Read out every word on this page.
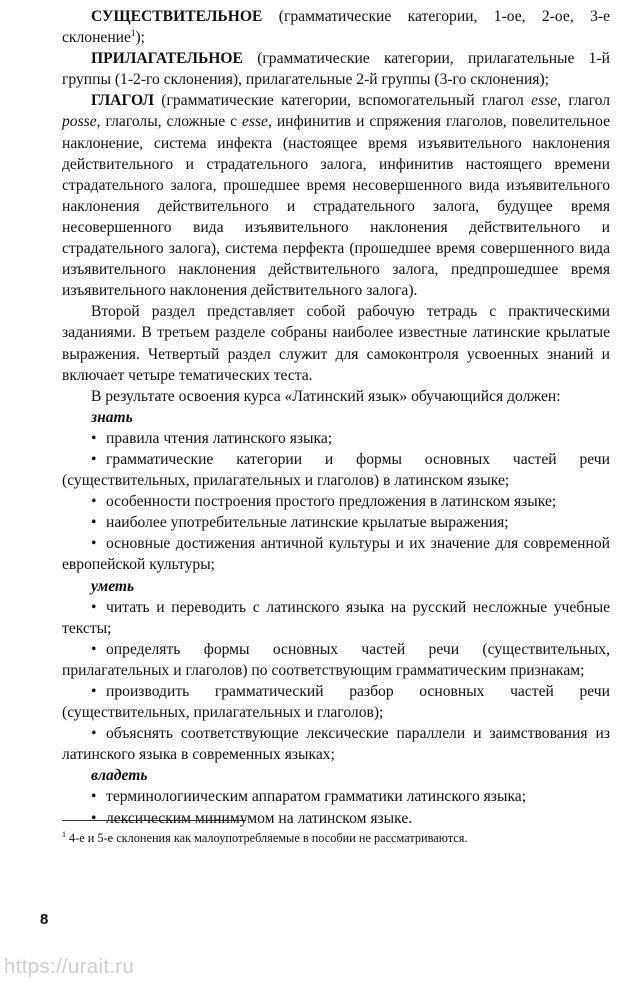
СУЩЕСТВИТЕЛЬНОЕ (грамматические категории, 1-ое, 2-ое, 3-е склонение$^1$);

ПРИЛАГАТЕЛЬНОЕ (грамматические категории, прилагательные 1-й группы (1-2-го склонения), прилагательные 2-й группы (3-го склонения);

ГЛАГОЛ (грамматические категории, вспомогательный глагол esse, глагол posse, глаголы, сложные с esse, инфинитив и спряжения глаголов, повелительное наклонение, система инфекта (настоящее время изъявительного наклонения действительного и страдательного залога, инфинитив настоящего времени страдательного залога, прошедшее время несовершенного вида изъявительного наклонения действительного и страдательного залога, будущее время несовершенного вида изъявительного наклонения действительного и страдательного залога), система перфекта (прошедшее время совершенного вида изъявительного наклонения действительного залога, предпрошедшее время изъявительного наклонения действительного залога).

Второй раздел представляет собой рабочую тетрадь с практическими заданиями. В третьем разделе собраны наиболее известные латинские крылатые выражения. Четвертый раздел служит для самоконтроля усвоенных знаний и включает четыре тематических теста.

В результате освоения курса «Латинский язык» обучающийся должен:

знать

• правила чтения латинского языка;

• грамматические категории и формы основных частей речи (существительных, прилагательных и глаголов) в латинском языке;

• особенности построения простого предложения в латинском языке;

• наиболее употребительные латинские крылатые выражения;

• основные достижения античной культуры и их значение для современной европейской культуры;

уметь

• читать и переводить с латинского языка на русский несложные учебные тексты;

• определять формы основных частей речи (существительных, прилагательных и глаголов) по соответствующим грамматическим признакам;

• производить грамматический разбор основных частей речи (существительных, прилагательных и глаголов);

• объяснять соответствующие лексические параллели и заимствования из латинского языка в современных языках;

владеть

• терминологиическим аппаратом грамматики латинского языка;

• лексическим минимумом на латинском языке.

$^1$ 4-е и 5-е склонения как малоупотребляемые в пособии не рассматриваются.
8
https://urait.ru
